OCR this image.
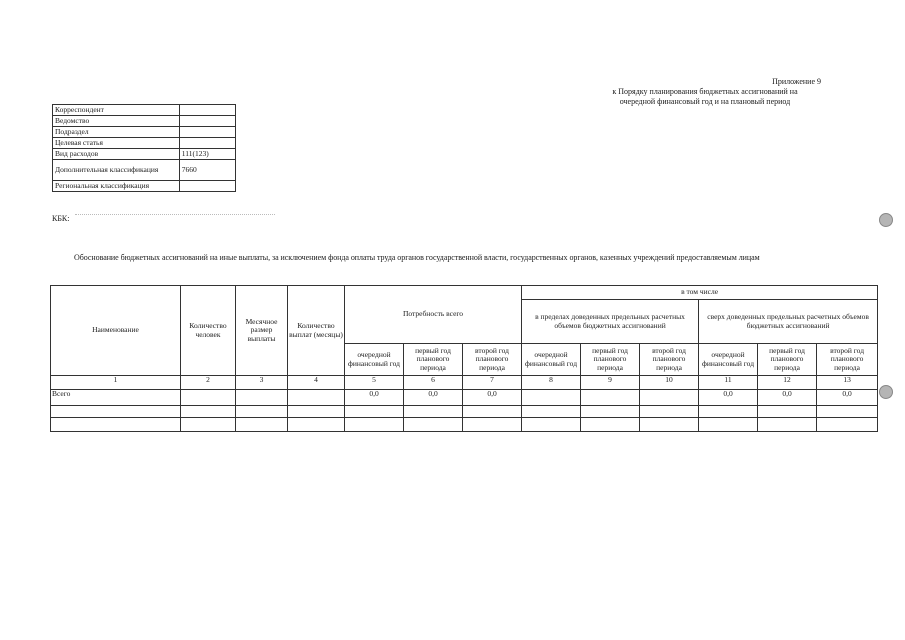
Приложение 9
к Порядку планирования бюджетных ассигнований на
очередной финансовый год и на плановый период
Корреспондент	
Ведомство	
Подраздел	
Целевая статья	
Вид расходов	111(123)
Дополнительная классификация	7660
Региональная классификация	
КБК:
Обоснование бюджетных ассигнований на иные выплаты, за исключением фонда оплаты труда органов государственной власти, государственных органов, казенных учреждений предоставляемым лицам
Наименование	Количество человек	Месячное размер выплаты	Количество выплат (месяцы)	Потребность всего			в том числе					
							в пределах доведенных предельных расчетных объемов бюджетных ассигнований			сверх доведенных предельных расчетных объемов бюджетных ассигнований		
				очередной финансовый год	первый год планового периода	второй год планового периода	очередной финансовый год	первый год планового периода	второй год планового периода	очередной финансовый год	первый год планового периода	второй год планового периода
1	2	3	4	5	6	7	8	9	10	11	12	13
Всего				0,0	0,0	0,0				0,0	0,0	0,0
